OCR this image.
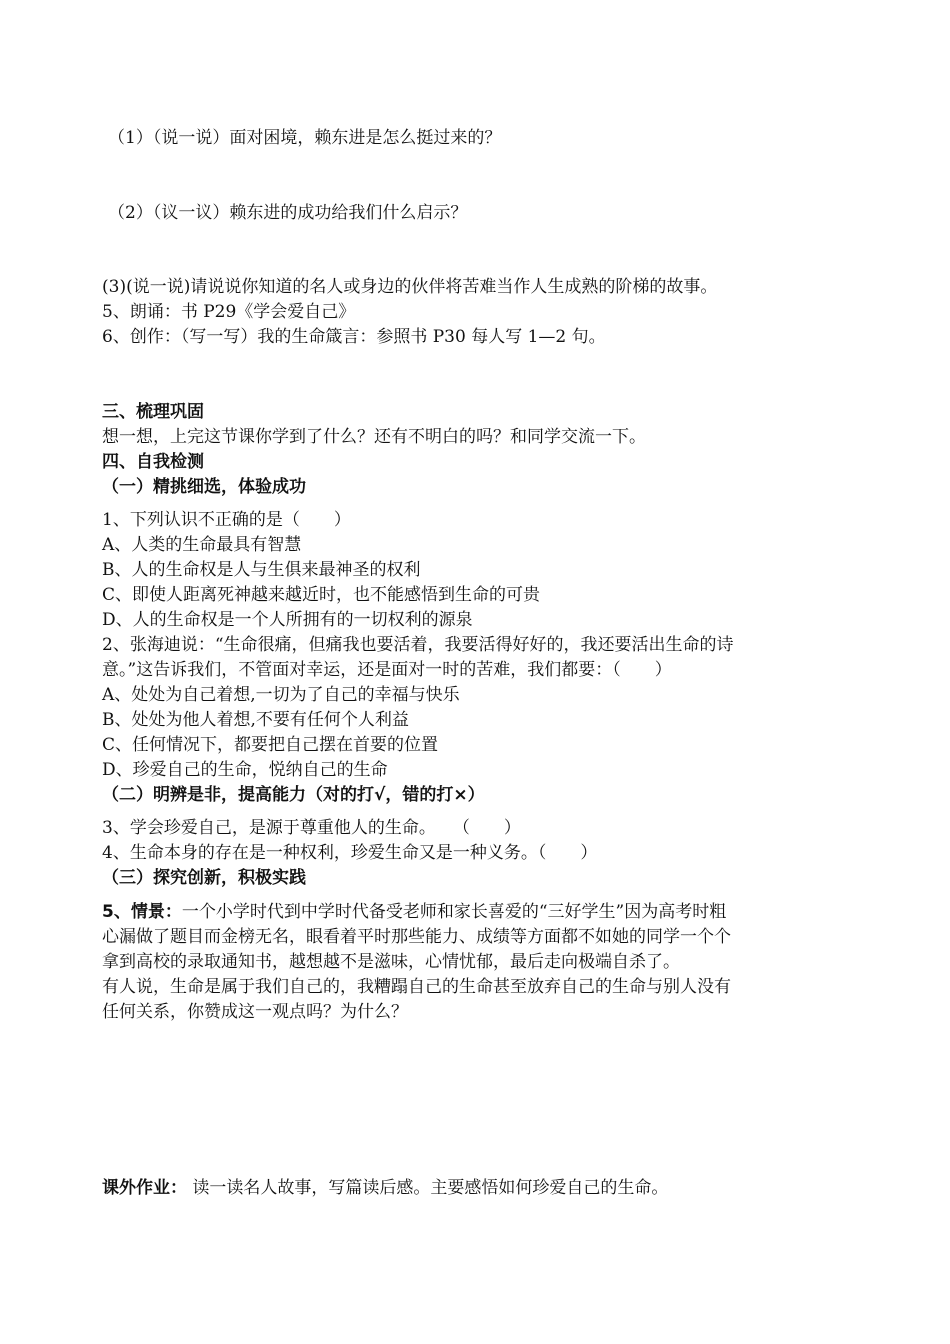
（1）（说一说）面对困境，赖东进是怎么挺过来的？
（2）（议一议）赖东进的成功给我们什么启示？
(3)(说一说)请说说你知道的名人或身边的伙伴将苦难当作人生成熟的阶梯的故事。
5、朗诵：书 P29《学会爱自己》
6、创作：（写一写）我的生命箴言：参照书 P30 每人写 1—2 句。
三、梳理巩固
想一想，上完这节课你学到了什么？还有不明白的吗？和同学交流一下。
四、自我检测
（一）精挑细选，体验成功
1、下列认识不正确的是（　　）
A、人类的生命最具有智慧
B、人的生命权是人与生俱来最神圣的权利
C、即使人距离死神越来越近时，也不能感悟到生命的可贵
D、人的生命权是一个人所拥有的一切权利的源泉
2、张海迪说：“生命很痛，但痛我也要活着，我要活得好好的，我还要活出生命的诗
意。”这告诉我们，不管面对幸运，还是面对一时的苦难，我们都要：（　　）
A、处处为自己着想,一切为了自己的幸福与快乐
B、处处为他人着想,不要有任何个人利益
C、任何情况下，都要把自己摆在首要的位置
D、珍爱自己的生命，悦纳自己的生命
（二）明辨是非，提高能力（对的打√，错的打×）
3、学会珍爱自己，是源于尊重他人的生命。　　（　　）
4、生命本身的存在是一种权利，珍爱生命又是一种义务。（　　）
（三）探究创新，积极实践
5、情景：一个小学时代到中学时代备受老师和家长喜爱的“三好学生”因为高考时粗
心漏做了题目而金榜无名，眼看着平时那些能力、成绩等方面都不如她的同学一个个
拿到高校的录取通知书，越想越不是滋味，心情忧郁，最后走向极端自杀了。
有人说，生命是属于我们自己的，我糟蹋自己的生命甚至放弃自己的生命与别人没有
任何关系，你赞成这一观点吗？为什么？
课外作业： 读一读名人故事，写篇读后感。主要感悟如何珍爱自己的生命。
